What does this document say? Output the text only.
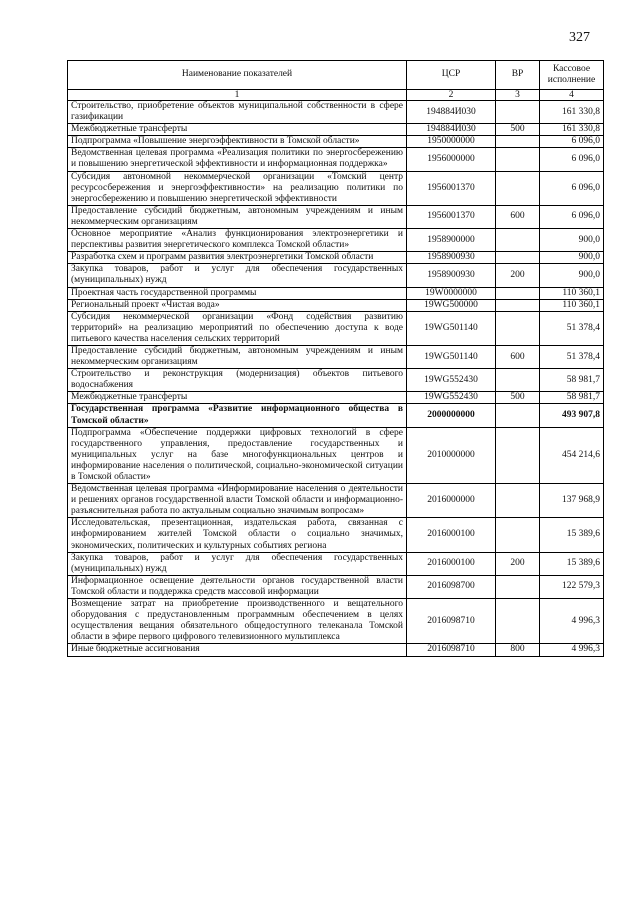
327
Наименование показателей	ЦСР	ВР	Кассовое исполнение
1	2	3	4
Строительство, приобретение объектов муниципальной собственности в сфере газификации	194884И030		161 330,8
Межбюджетные трансферты	194884И030	500	161 330,8
Подпрограмма «Повышение энергоэффективности в Томской области»	1950000000		6 096,0
Ведомственная целевая программа «Реализация политики по энергосбережению и повышению энергетической эффективности и информационная поддержка»	1956000000		6 096,0
Субсидия автономной некоммерческой организации «Томский центр ресурсосбережения и энергоэффективности» на реализацию политики по энергосбережению и повышению энергетической эффективности	1956001370		6 096,0
Предоставление субсидий бюджетным, автономным учреждениям и иным некоммерческим организациям	1956001370	600	6 096,0
Основное мероприятие «Анализ функционирования электроэнергетики и перспективы развития энергетического комплекса Томской области»	1958900000		900,0
Разработка схем и программ развития электроэнергетики Томской области	1958900930		900,0
Закупка товаров, работ и услуг для обеспечения государственных (муниципальных) нужд	1958900930	200	900,0
Проектная часть государственной программы	19W0000000		110 360,1
Региональный проект «Чистая вода»	19WG500000		110 360,1
Субсидия некоммерческой организации «Фонд содействия развитию территорий» на реализацию мероприятий по обеспечению доступа к воде питьевого качества населения сельских территорий	19WG501140		51 378,4
Предоставление субсидий бюджетным, автономным учреждениям и иным некоммерческим организациям	19WG501140	600	51 378,4
Строительство и реконструкция (модернизация) объектов питьевого водоснабжения	19WG552430		58 981,7
Межбюджетные трансферты	19WG552430	500	58 981,7
Государственная программа «Развитие информационного общества в Томской области»	2000000000		493 907,8
Подпрограмма «Обеспечение поддержки цифровых технологий в сфере государственного управления, предоставление государственных и муниципальных услуг на базе многофункциональных центров и информирование населения о политической, социально-экономической ситуации в Томской области»	2010000000		454 214,6
Ведомственная целевая программа «Информирование населения о деятельности и решениях органов государственной власти Томской области и информационно-разъяснительная работа по актуальным социально значимым вопросам»	2016000000		137 968,9
Исследовательская, презентационная, издательская работа, связанная с информированием жителей Томской области о социально значимых, экономических, политических и культурных событиях региона	2016000100		15 389,6
Закупка товаров, работ и услуг для обеспечения государственных (муниципальных) нужд	2016000100	200	15 389,6
Информационное освещение деятельности органов государственной власти Томской области и поддержка средств массовой информации	2016098700		122 579,3
Возмещение затрат на приобретение производственного и вещательного оборудования с предустановленным программным обеспечением в целях осуществления вещания обязательного общедоступного телеканала Томской области в эфире первого цифрового телевизионного мультиплекса	2016098710		4 996,3
Иные бюджетные ассигнования	2016098710	800	4 996,3
